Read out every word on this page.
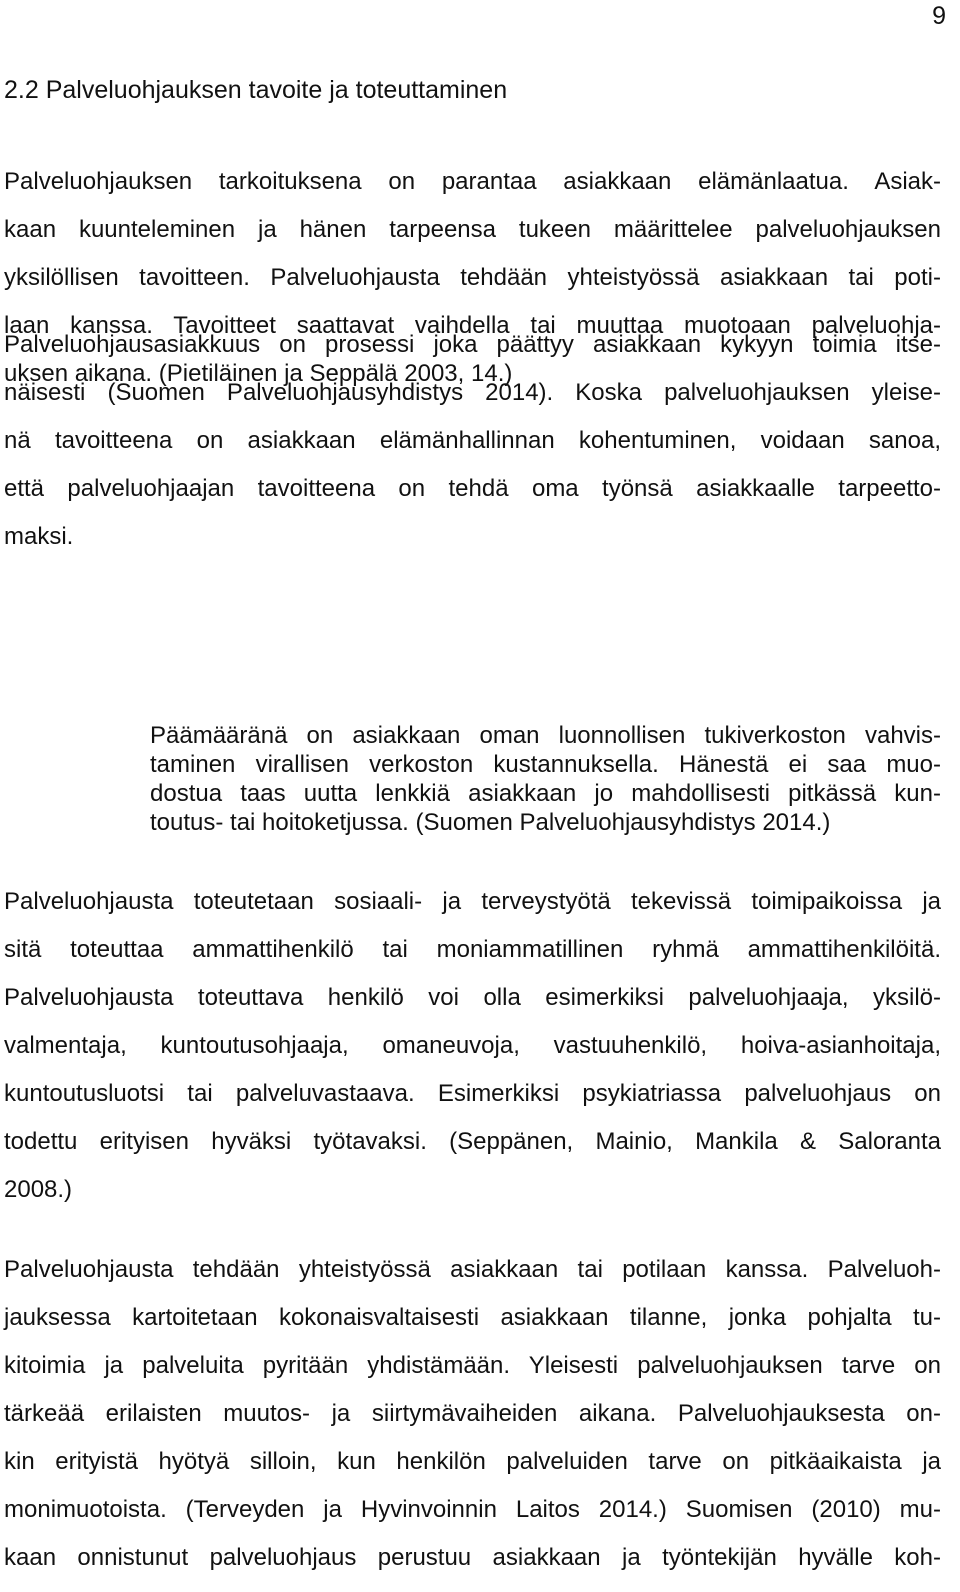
9
2.2 Palveluohjauksen tavoite ja toteuttaminen
Palveluohjauksen tarkoituksena on parantaa asiakkaan elämänlaatua. Asiak-
kaan kuunteleminen ja hänen tarpeensa tukeen määrittelee palveluohjauksen
yksilöllisen tavoitteen. Palveluohjausta tehdään yhteistyössä asiakkaan tai poti-
laan kanssa. Tavoitteet saattavat vaihdella tai muuttaa muotoaan palveluohja-
uksen aikana. (Pietiläinen ja Seppälä 2003, 14.)
Palveluohjausasiakkuus on prosessi joka päättyy asiakkaan kykyyn toimia itse-
näisesti (Suomen Palveluohjausyhdistys 2014). Koska palveluohjauksen yleise-
nä tavoitteena on asiakkaan elämänhallinnan kohentuminen, voidaan sanoa,
että palveluohjaajan tavoitteena on tehdä oma työnsä asiakkaalle tarpeetto-
maksi.
Päämääränä on asiakkaan oman luonnollisen tukiverkoston vahvis-
taminen virallisen verkoston kustannuksella. Hänestä ei saa muo-
dostua taas uutta lenkkiä asiakkaan jo mahdollisesti pitkässä kun-
toutus- tai hoitoketjussa. (Suomen Palveluohjausyhdistys 2014.)
Palveluohjausta toteutetaan sosiaali- ja terveystyötä tekevissä toimipaikoissa ja
sitä toteuttaa ammattihenkilö tai moniammatillinen ryhmä ammattihenkilöitä.
Palveluohjausta toteuttava henkilö voi olla esimerkiksi palveluohjaaja, yksilö-
valmentaja, kuntoutusohjaaja, omaneuvoja, vastuuhenkilö, hoiva-asianhoitaja,
kuntoutusluotsi tai palveluvastaava. Esimerkiksi psykiatriassa palveluohjaus on
todettu erityisen hyväksi työtavaksi. (Seppänen, Mainio, Mankila & Saloranta
2008.)
Palveluohjausta tehdään yhteistyössä asiakkaan tai potilaan kanssa. Palveluoh-
jauksessa kartoitetaan kokonaisvaltaisesti asiakkaan tilanne, jonka pohjalta tu-
kitoimia ja palveluita pyritään yhdistämään. Yleisesti palveluohjauksen tarve on
tärkeää erilaisten muutos- ja siirtymävaiheiden aikana. Palveluohjauksesta on-
kin erityistä hyötyä silloin, kun henkilön palveluiden tarve on pitkäaikaista ja
monimuotoista. (Terveyden ja Hyvinvoinnin Laitos 2014.) Suomisen (2010) mu-
kaan onnistunut palveluohjaus perustuu asiakkaan ja työntekijän hyvälle koh-
